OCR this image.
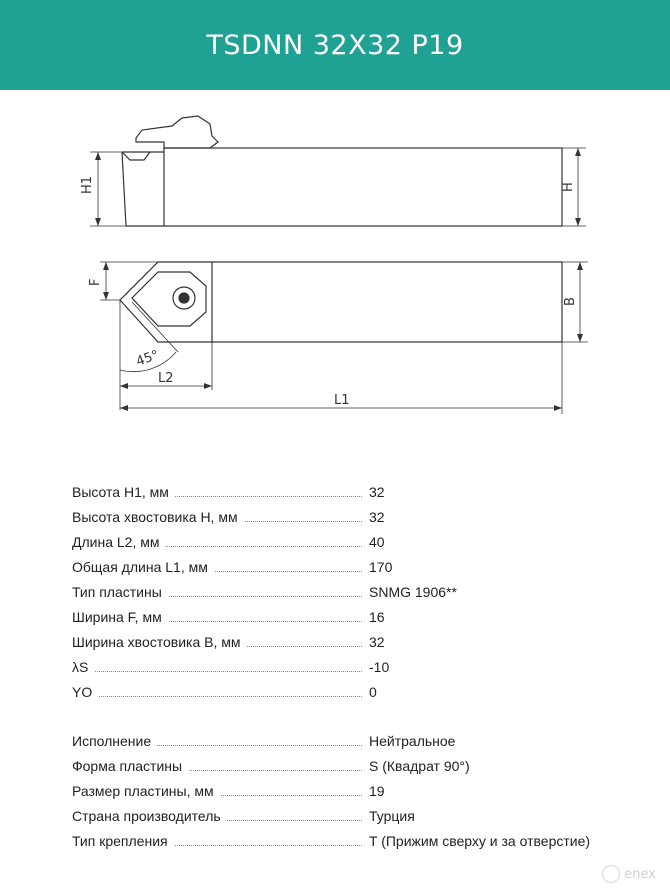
TSDNN 32X32 P19
H1	H
F
B
45°
L2
L1
Высота H1, мм	32
Высота хвостовика H, мм	32
Длина L2, мм	40
Общая длина L1, мм	170
Тип пластины	SNMG 1906**
Ширина F, мм	16
Ширина хвостовика B, мм	32
λS	-10
YO	0
Исполнение	Нейтральное
Форма пластины	S (Квадрат 90°)
Размер пластины, мм	19
Страна производитель	Турция
Тип крепления	T (Прижим сверху и за отверстие)
enex
